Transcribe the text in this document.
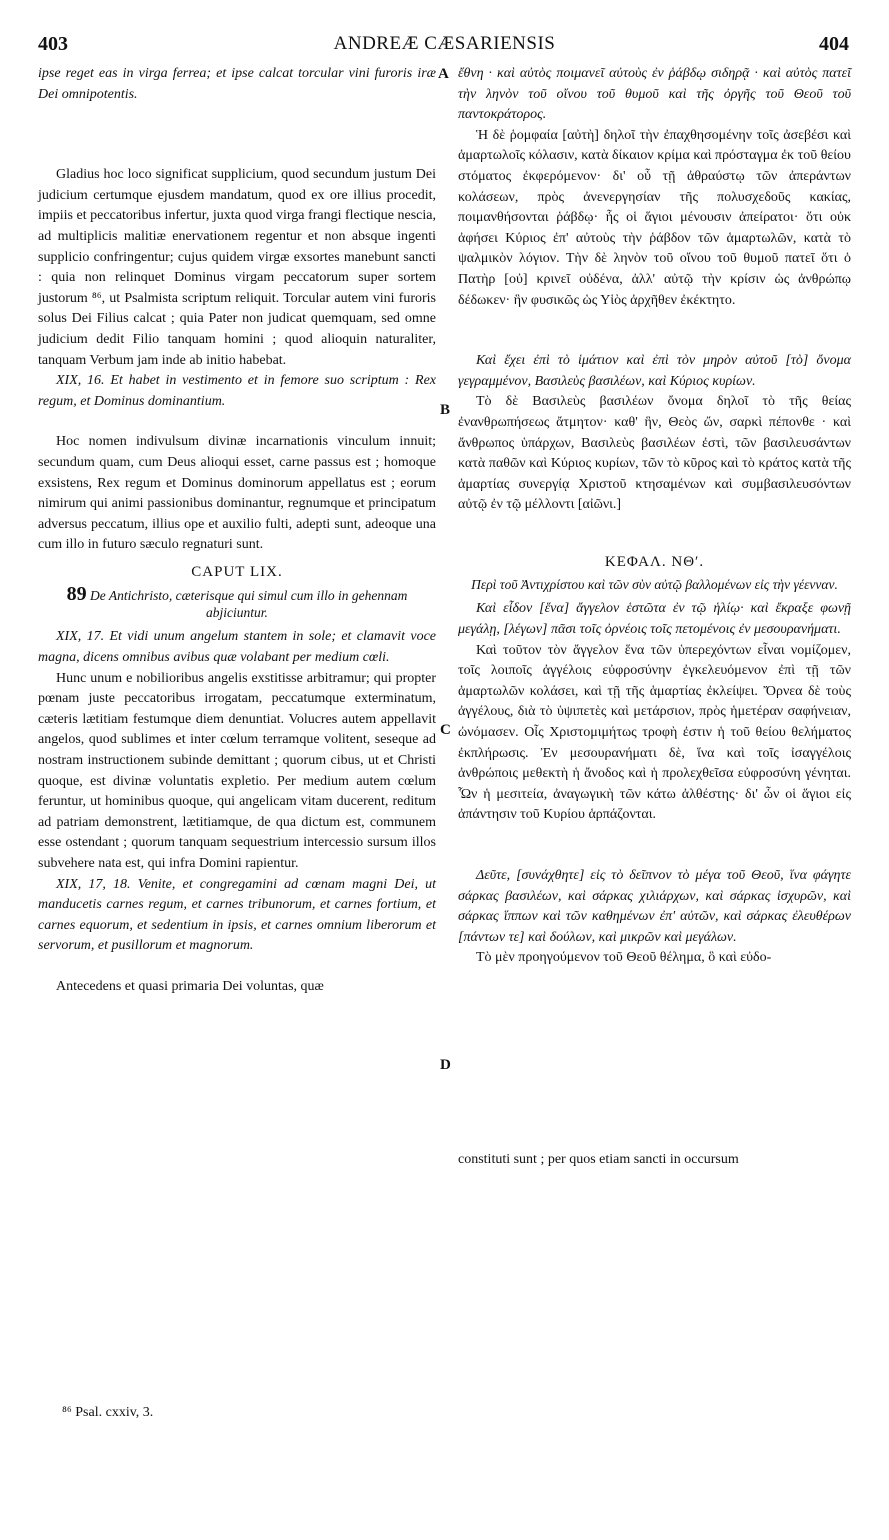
403	ANDREÆ CÆSARIENSIS	404

ipse reget eas in virga ferrea; et ipse calcat torcular vini furoris iræ Dei omnipotentis.

Gladius hoc loco significat supplicium, quod secundum justum Dei judicium certumque ejusdem mandatum, quod ex ore illius procedit, impiis et peccatoribus infertur, juxta quod virga frangi flectique nescia, ad multiplicis malitiæ enervationem regentur et non absque ingenti supplicio confringentur; cujus quidem virgæ exsortes manebunt sancti : quia non relinquet Dominus virgam peccatorum super sortem justorum ⁸⁶, ut Psalmista scriptum reliquit. Torcular autem vini furoris solus Dei Filius calcat ; quia Pater non judicat quemquam, sed omne judicium dedit Filio tanquam homini ; quod alioquin naturaliter, tanquam Verbum jam inde ab initio habebat.

XIX, 16. Et habet in vestimento et in femore suo scriptum : Rex regum, et Dominus dominantium.

Hoc nomen indivulsum divinæ incarnationis vinculum innuit; secundum quam, cum Deus alioqui esset, carne passus est ; homoque exsistens, Rex regum et Dominus dominorum appellatus est ; eorum nimirum qui animi passionibus dominantur, regnumque et principatum adversus peccatum, illius ope et auxilio fulti, adepti sunt, adeoque una cum illo in futuro sæculo regnaturi sunt.

CAPUT LIX.
89 De Antichristo, cæterisque qui simul cum illo in gehennam abjiciuntur.

XIX, 17. Et vidi unum angelum stantem in sole; et clamavit voce magna, dicens omnibus avibus quæ volabant per medium cœli.

Hunc unum e nobilioribus angelis exstitisse arbitramur; qui propter pœnam juste peccatoribus irrogatam, peccatumque exterminatum, cæteris lætitiam festumque diem denuntiat. Volucres autem appellavit angelos, quod sublimes et inter cœlum terramque volitent, seseque ad nostram instructionem subinde demittant ; quorum cibus, ut et Christi quoque, est divinæ voluntatis expletio. Per medium autem cœlum feruntur, ut hominibus quoque, qui angelicam vitam ducerent, reditum ad patriam demonstrent, lætitiamque, de qua dictum est, communem esse ostendant ; quorum tanquam sequestrium intercessio sursum illos subvehere nata est, qui infra Domini rapientur.

XIX, 17, 18. Venite, et congregamini ad cœnam magni Dei, ut manducetis carnes regum, et carnes tribunorum, et carnes fortium, et carnes equorum, et sedentium in ipsis, et carnes omnium liberorum et servorum, et pusillorum et magnorum.

Antecedens et quasi primaria Dei voluntas, quæ

ἔθνη · καὶ αὐτὸς ποιμανεῖ αὐτοὺς ἐν ῥάβδῳ σιδηρᾷ · καὶ αὐτὸς πατεῖ τὴν ληνὸν τοῦ οἴνου τοῦ θυμοῦ καὶ τῆς ὀργῆς τοῦ Θεοῦ τοῦ παντοκράτορος.

Ἡ δὲ ῥομφαία [αὐτὴ] δηλοῖ τὴν ἐπαχθησομένην τοῖς ἀσεβέσι καὶ ἁμαρτωλοῖς κόλασιν, κατὰ δίκαιον κρίμα καὶ πρόσταγμα ἐκ τοῦ θείου στόματος ἐκφερόμενον· δι' οὗ τῇ ἀθραύστῳ τῶν ἀπεράντων κολάσεων, πρὸς ἀνενεργησίαν τῆς πολυσχεδοῦς κακίας, ποιμανθήσονται ῥάβδῳ· ἧς οἱ ἅγιοι μένουσιν ἀπείρατοι· ὅτι οὐκ ἀφήσει Κύριος ἐπ' αὐτοὺς τὴν ῥάβδον τῶν ἁμαρτωλῶν, κατὰ τὸ ψαλμικὸν λόγιον. Τὴν δὲ ληνὸν τοῦ οἴνου τοῦ θυμοῦ πατεῖ ὅτι ὁ Πατὴρ [οὐ] κρινεῖ οὐδένα, ἀλλ' αὐτῷ τὴν κρίσιν ὡς ἀνθρώπῳ δέδωκεν· ἣν φυσικῶς ὡς Υἱὸς ἀρχῆθεν ἐκέκτητο.

Καὶ ἔχει ἐπὶ τὸ ἱμάτιον καὶ ἐπὶ τὸν μηρὸν αὐτοῦ [τὸ] ὄνομα γεγραμμένον, Βασιλεὺς βασιλέων, καὶ Κύριος κυρίων.

Τὸ δὲ Βασιλεὺς βασιλέων ὄνομα δηλοῖ τὸ τῆς θείας ἐνανθρωπήσεως ἄτμητον· καθ' ἣν, Θεὸς ὤν, σαρκὶ πέπονθε · καὶ ἄνθρωπος ὑπάρχων, Βασιλεὺς βασιλέων ἐστὶ, τῶν βασιλευσάντων κατὰ παθῶν καὶ Κύριος κυρίων, τῶν τὸ κῦρος καὶ τὸ κράτος κατὰ τῆς ἁμαρτίας συνεργίᾳ Χριστοῦ κτησαμένων καὶ συμβασιλευσόντων αὐτῷ ἐν τῷ μέλλοντι [αἰῶνι.]

ΚΕΦΑΛ. ΝΘʹ.
Περὶ τοῦ Ἀντιχρίστου καὶ τῶν σὺν αὐτῷ βαλλομένων εἰς τὴν γέενναν.

Καὶ εἶδον [ἕνα] ἄγγελον ἑστῶτα ἐν τῷ ἡλίῳ· καὶ ἔκραξε φωνῇ μεγάλῃ, [λέγων] πᾶσι τοῖς ὀρνέοις τοῖς πετομένοις ἐν μεσουρανήματι.

Καὶ τοῦτον τὸν ἄγγελον ἕνα τῶν ὑπερεχόντων εἶναι νομίζομεν, τοῖς λοιποῖς ἀγγέλοις εὐφροσύνην ἐγκελευόμενον ἐπὶ τῇ τῶν ἁμαρτωλῶν κολάσει, καὶ τῇ τῆς ἁμαρτίας ἐκλείψει. Ὄρνεα δὲ τοὺς ἀγγέλους, διὰ τὸ ὑψιπετὲς καὶ μετάρσιον, πρὸς ἡμετέραν σαφήνειαν, ὠνόμασεν. Οἷς Χριστομιμήτως τροφὴ ἐστιν ἡ τοῦ θείου θελήματος ἐκπλήρωσις. Ἐν μεσουρανήματι δὲ, ἵνα καὶ τοῖς ἰσαγγέλοις ἀνθρώποις μεθεκτὴ ἡ ἄνοδος καὶ ἡ προλεχθεῖσα εὐφροσύνη γένηται. Ὧν ἡ μεσιτεία, ἀναγωγικὴ τῶν κάτω ἀλθέστης· δι' ὧν οἱ ἅγιοι εἰς ἀπάντησιν τοῦ Κυρίου ἁρπάζονται.

Δεῦτε, [συνάχθητε] εἰς τὸ δεῖπνον τὸ μέγα τοῦ Θεοῦ, ἵνα φάγητε σάρκας βασιλέων, καὶ σάρκας χιλιάρχων, καὶ σάρκας ἰσχυρῶν, καὶ σάρκας ἵππων καὶ τῶν καθημένων ἐπ' αὐτῶν, καὶ σάρκας ἐλευθέρων [πάντων τε] καὶ δούλων, καὶ μικρῶν καὶ μεγάλων.

Τὸ μὲν προηγούμενον τοῦ Θεοῦ θέλημα, ὃ καὶ εὐδο-

constituti sunt ; per quos etiam sancti in occursum
A
B
C
D
⁸⁶ Psal. cxxiv, 3.
